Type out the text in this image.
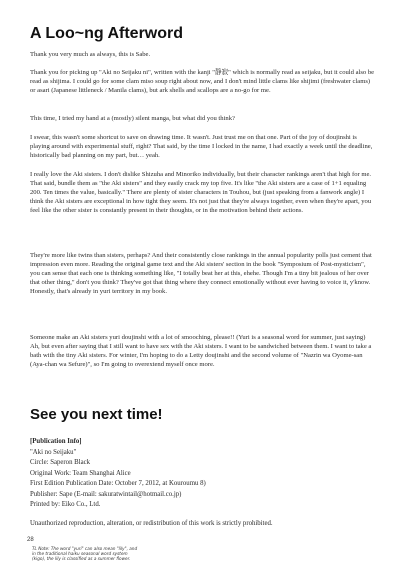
A Loo~ng Afterword

Thank you very much as always, this is Sabe.

Thank you for picking up "Aki no Seijaku ni", written with the kanji "静寂" which is normally read as seijaku, but it could also be read as shijima. I could go for some clam miso soup right about now, and I don't mind little clams like shijimi (freshwater clams) or asari (Japanese littleneck / Manila clams), but ark shells and scallops are a no-go for me.

This time, I tried my hand at a (mostly) silent manga, but what did you think?

I swear, this wasn't some shortcut to save on drawing time. It wasn't. Just trust me on that one. Part of the joy of doujinshi is playing around with experimental stuff, right? That said, by the time I locked in the name, I had exactly a week until the deadline, historically bad planning on my part, but… yeah.

I really love the Aki sisters. I don't dislike Shizuha and Minoriko individually, but their character rankings aren't that high for me. That said, bundle them as "the Aki sisters" and they easily crack my top five. It's like "the Aki sisters are a case of 1+1 equaling 200. Ten times the value, basically." There are plenty of sister characters in Touhou, but (just speaking from a fanwork angle) I think the Aki sisters are exceptional in how tight they seem. It's not just that they're always together, even when they're apart, you feel like the other sister is constantly present in their thoughts, or in the motivation behind their actions.

They're more like twins than sisters, perhaps? And their consistently close rankings in the annual popularity polls just cement that impression even more. Reading the original game text and the Aki sisters' section in the book "Symposium of Post-mysticism", you can sense that each one is thinking something like, "I totally beat her at this, ehehe. Though I'm a tiny bit jealous of her over that other thing," don't you think? They've got that thing where they connect emotionally without ever having to voice it, y'know. Honestly, that's already in yuri territory in my book.

Someone make an Aki sisters yuri doujinshi with a lot of smooching, please!! (Yuri is a seasonal word for summer, just saying) Ah, but even after saying that I still want to have sex with the Aki sisters. I want to be sandwiched between them. I want to take a bath with the tiny Aki sisters. For winter, I'm hoping to do a Letty doujinshi and the second volume of "Nazrin wa Oyome-san (Aya-chan wa Sefure)", so I'm going to overextend myself once more.

See you next time!
[Publication Info]
"Aki no Seijaku"
Circle: Saperon Black
Original Work: Team Shanghai Alice
First Edition Publication Date: October 7, 2012, at Kouroumu 8)
Publisher: Sape (E-mail: sakuratwintail@hotmail.co.jp)
Printed by: Eiko Co., Ltd.
Unauthorized reproduction, alteration, or redistribution of this work is strictly prohibited.
28
TL Note: The word "yuri" can also mean "lily", and in the traditional haiku seasonal word system (kigo), the lily is classified as a summer flower.
